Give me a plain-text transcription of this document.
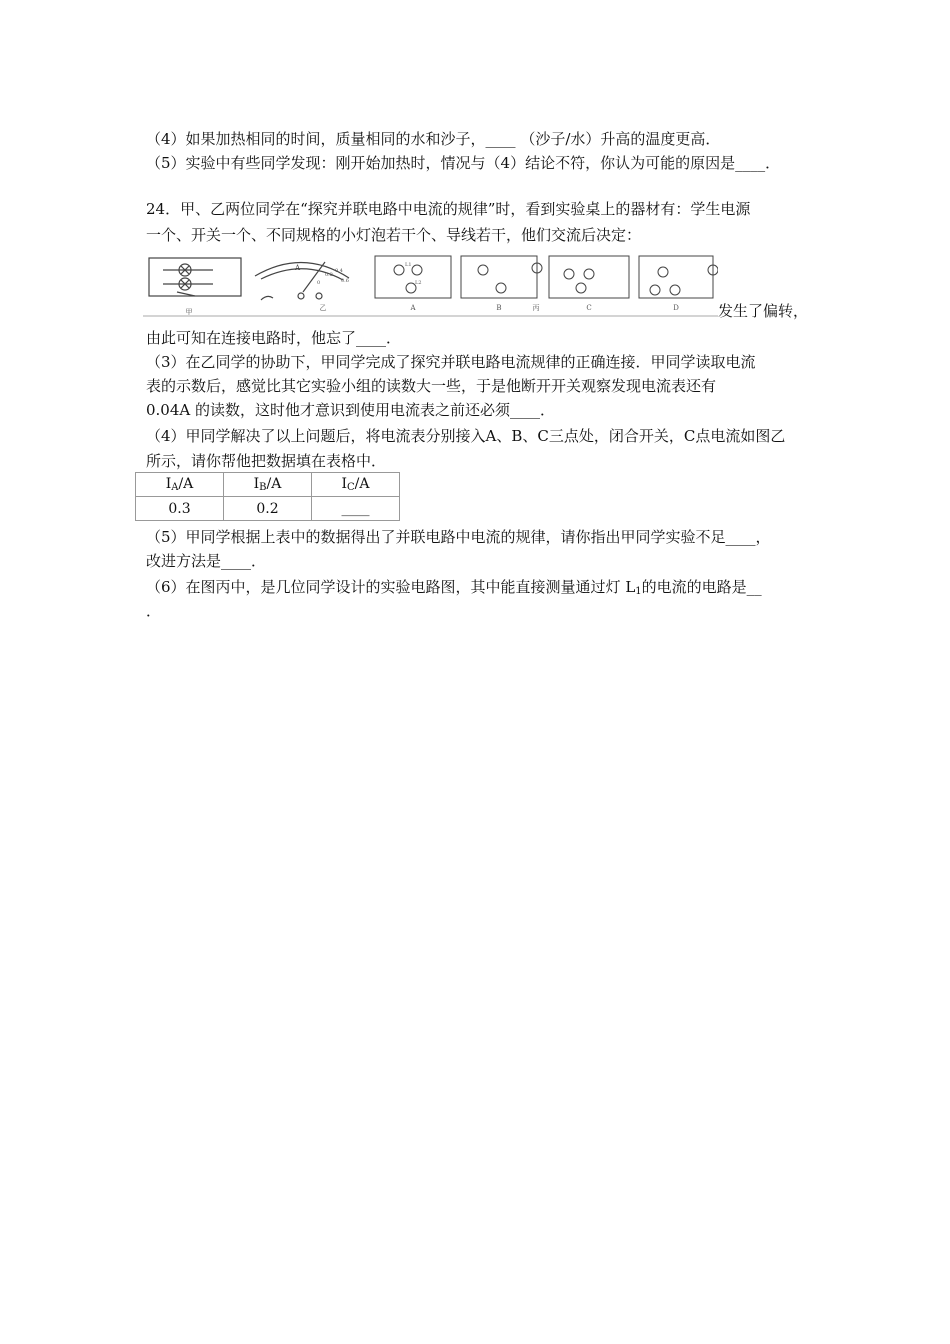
（4）如果加热相同的时间，质量相同的水和沙子，____ （沙子/水）升高的温度更高．
（5）实验中有些同学发现：刚开始加热时，情况与（4）结论不符，你认为可能的原因是____．
24．甲、乙两位同学在“探究并联电路中电流的规律”时，看到实验桌上的器材有：学生电源
一个、开关一个、不同规格的小灯泡若干个、导线若干，他们交流后决定：
甲
A
乙	A	B	丙	C	D
0
0.2
0.4
0.6
L1
L2
发生了偏转，
由此可知在连接电路时，他忘了____．
（3）在乙同学的协助下，甲同学完成了探究并联电路电流规律的正确连接．甲同学读取电流
表的示数后，感觉比其它实验小组的读数大一些，于是他断开开关观察发现电流表还有
0.04A 的读数，这时他才意识到使用电流表之前还必须____．
（4）甲同学解决了以上问题后，将电流表分别接入A、B、C三点处，闭合开关，C点电流如图乙
所示，请你帮他把数据填在表格中．
$I_A/A$	$I_B/A$	$I_C/A$
0.3	0.2	____
（5）甲同学根据上表中的数据得出了并联电路中电流的规律，请你指出甲同学实验不足____，
改进方法是____．
（6）在图丙中，是几位同学设计的实验电路图，其中能直接测量通过灯 $L_1$的电流的电路是__
．
